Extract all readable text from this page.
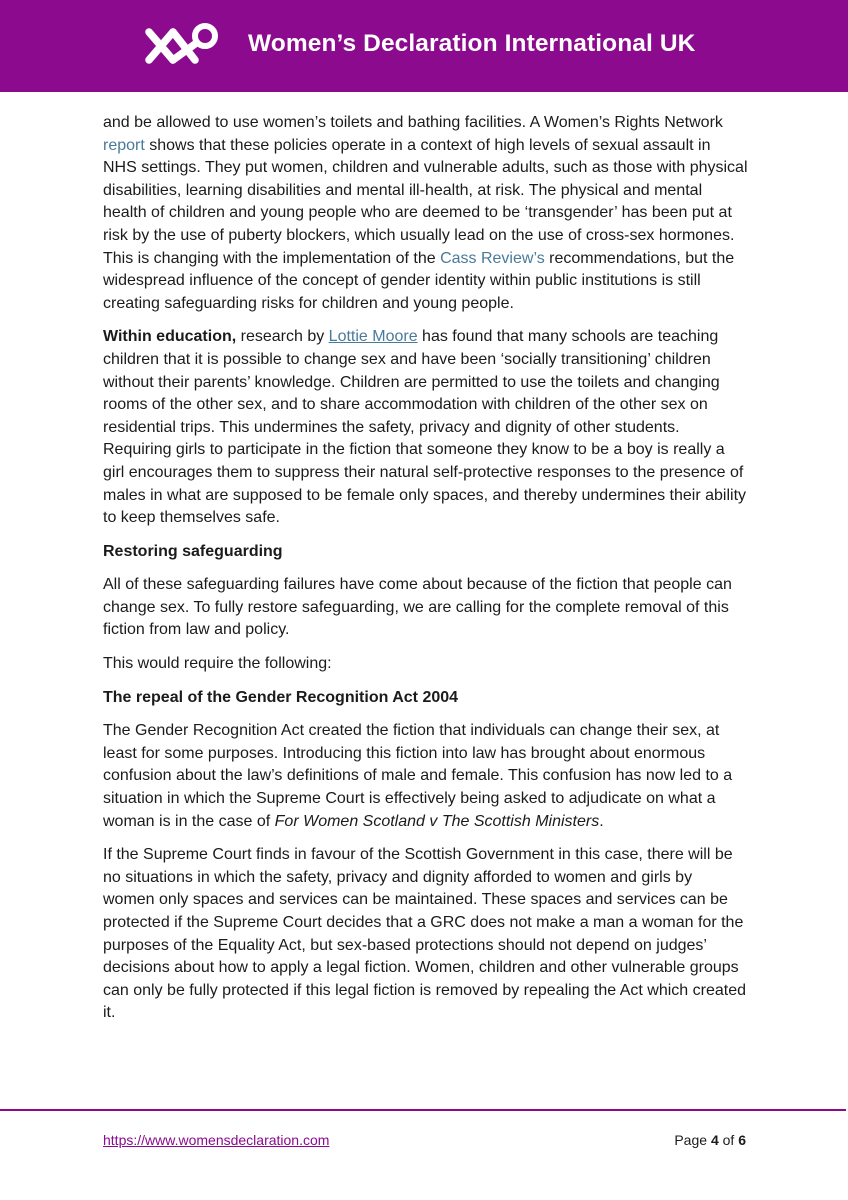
Women’s Declaration International UK

and be allowed to use women’s toilets and bathing facilities. A Women’s Rights Network report shows that these policies operate in a context of high levels of sexual assault in NHS settings. They put women, children and vulnerable adults, such as those with physical disabilities, learning disabilities and mental ill-health, at risk. The physical and mental health of children and young people who are deemed to be ‘transgender’ has been put at risk by the use of puberty blockers, which usually lead on the use of cross-sex hormones. This is changing with the implementation of the Cass Review’s recommendations, but the widespread influence of the concept of gender identity within public institutions is still creating safeguarding risks for children and young people.

Within education, research by Lottie Moore has found that many schools are teaching children that it is possible to change sex and have been ‘socially transitioning’ children without their parents’ knowledge. Children are permitted to use the toilets and changing rooms of the other sex, and to share accommodation with children of the other sex on residential trips. This undermines the safety, privacy and dignity of other students. Requiring girls to participate in the fiction that someone they know to be a boy is really a girl encourages them to suppress their natural self-protective responses to the presence of males in what are supposed to be female only spaces, and thereby undermines their ability to keep themselves safe.

Restoring safeguarding

All of these safeguarding failures have come about because of the fiction that people can change sex. To fully restore safeguarding, we are calling for the complete removal of this fiction from law and policy.

This would require the following:

The repeal of the Gender Recognition Act 2004

The Gender Recognition Act created the fiction that individuals can change their sex, at least for some purposes. Introducing this fiction into law has brought about enormous confusion about the law’s definitions of male and female. This confusion has now led to a situation in which the Supreme Court is effectively being asked to adjudicate on what a woman is in the case of For Women Scotland v The Scottish Ministers.

If the Supreme Court finds in favour of the Scottish Government in this case, there will be no situations in which the safety, privacy and dignity afforded to women and girls by women only spaces and services can be maintained. These spaces and services can be protected if the Supreme Court decides that a GRC does not make a man a woman for the purposes of the Equality Act, but sex-based protections should not depend on judges’ decisions about how to apply a legal fiction. Women, children and other vulnerable groups can only be fully protected if this legal fiction is removed by repealing the Act which created it.

https://www.womensdeclaration.com	Page 4 of 6
